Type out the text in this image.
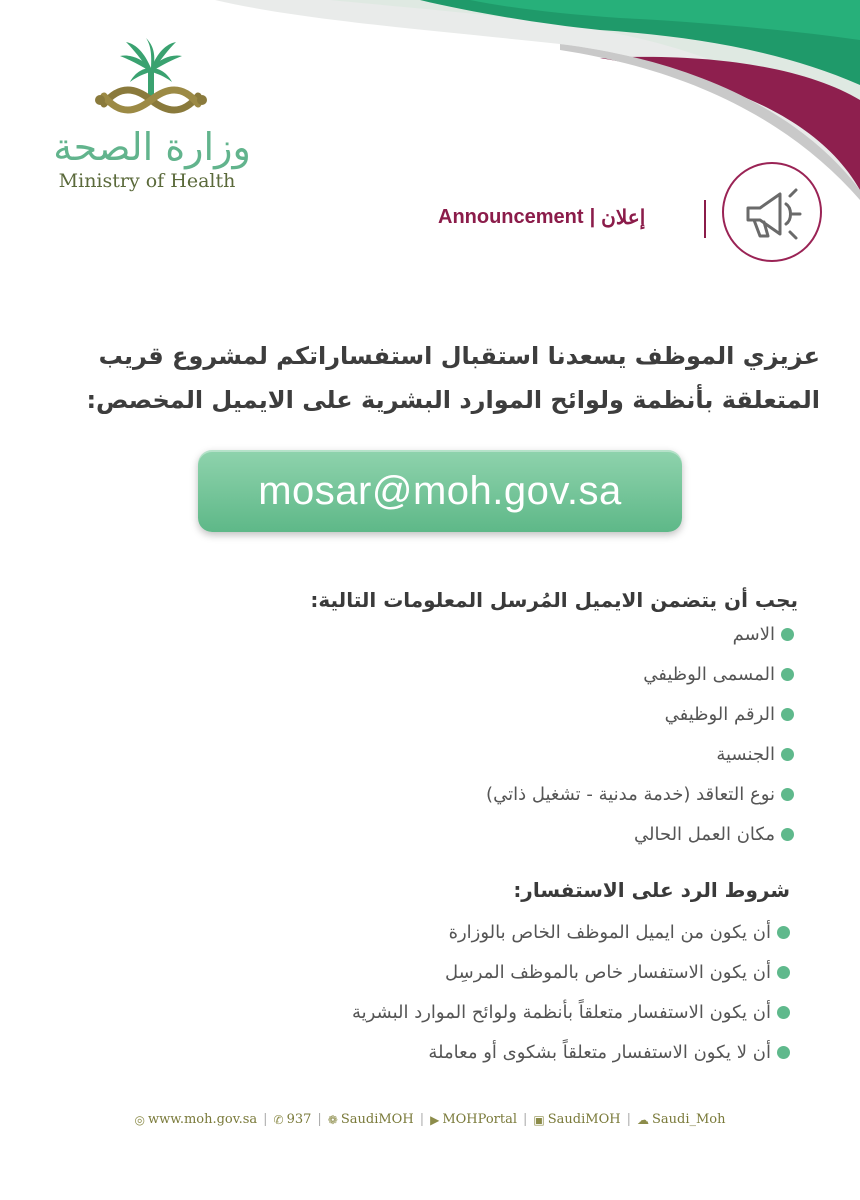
وزارة الصحة
Ministry of Health
Announcement | إعلان
عزيزي الموظف يسعدنا استقبال استفساراتكم لمشروع قريب
المتعلقة بأنظمة ولوائح الموارد البشرية على الايميل المخصص:
mosar@moh.gov.sa
يجب أن يتضمن الايميل المُرسل المعلومات التالية:
الاسم
المسمى الوظيفي
الرقم الوظيفي
الجنسية
نوع التعاقد (خدمة مدنية - تشغيل ذاتي)
مكان العمل الحالي
شروط الرد على الاستفسار:
أن يكون من ايميل الموظف الخاص بالوزارة
أن يكون الاستفسار خاص بالموظف المرسِل
أن يكون الاستفسار متعلقاً بأنظمة ولوائح الموارد البشرية
أن لا يكون الاستفسار متعلقاً بشكوى أو معاملة
◎ www.moh.gov.sa | ✆ 937 | ❁ SaudiMOH | ▶ MOHPortal | ▣ SaudiMOH | ☁ Saudi_Moh
